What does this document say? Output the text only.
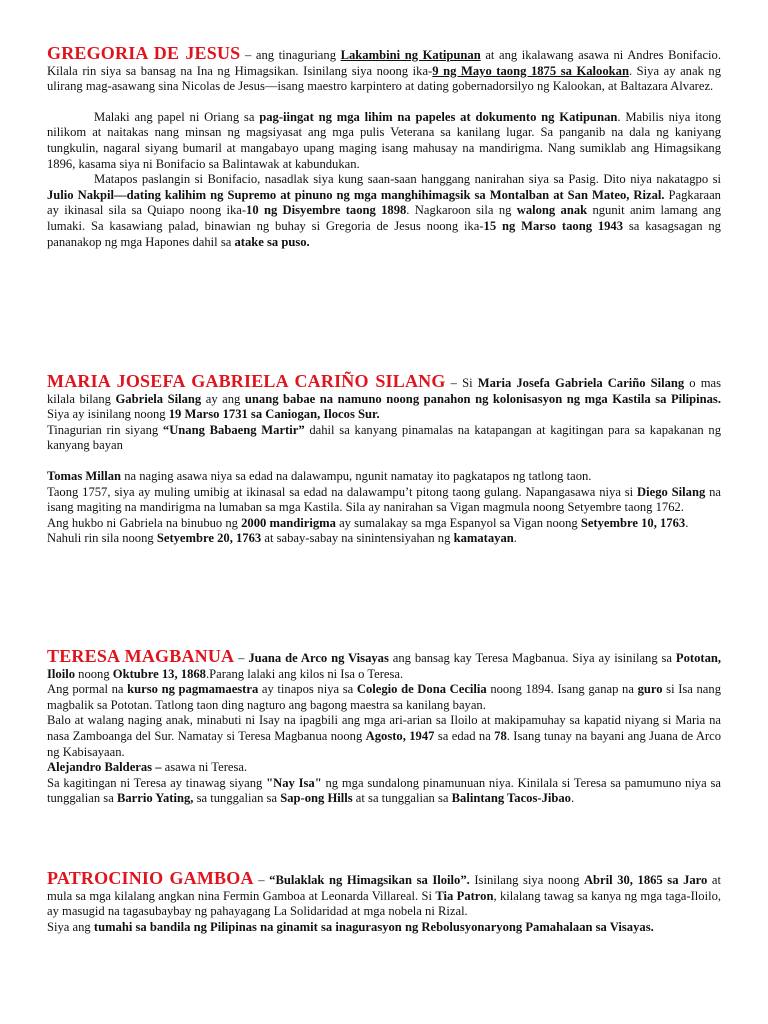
GREGORIA DE JESUS – ang tinaguriang Lakambini ng Katipunan at ang ikalawang asawa ni Andres Bonifacio. Kilala rin siya sa bansag na Ina ng Himagsikan. Isinilang siya noong ika-9 ng Mayo taong 1875 sa Kalookan. Siya ay anak ng ulirang mag-asawang sina Nicolas de Jesus—isang maestro karpintero at dating gobernadorsilyo ng Kalookan, at Baltazara Alvarez.

Malaki ang papel ni Oriang sa pag-iingat ng mga lihim na papeles at dokumento ng Katipunan. Mabilis niya itong nilikom at naitakas nang minsan ng magsiyasat ang mga pulis Veterana sa kanilang lugar. Sa panganib na dala ng kaniyang tungkulin, nagaral siyang bumaril at mangabayo upang maging isang mahusay na mandirigma. Nang sumiklab ang Himagsikang 1896, kasama siya ni Bonifacio sa Balintawak at kabundukan.

Matapos paslangin si Bonifacio, nasadlak siya kung saan-saan hanggang nanirahan siya sa Pasig. Dito niya nakatagpo si Julio Nakpil—dating kalihim ng Supremo at pinuno ng mga manghihimagsik sa Montalban at San Mateo, Rizal. Pagkaraan ay ikinasal sila sa Quiapo noong ika-10 ng Disyembre taong 1898. Nagkaroon sila ng walong anak ngunit anim lamang ang lumaki. Sa kasawiang palad, binawian ng buhay si Gregoria de Jesus noong ika-15 ng Marso taong 1943 sa kasagsagan ng pananakop ng mga Hapones dahil sa atake sa puso.

MARIA JOSEFA GABRIELA CARIÑO SILANG – Si Maria Josefa Gabriela Cariño Silang o mas kilala bilang Gabriela Silang ay ang unang babae na namuno noong panahon ng kolonisasyon ng mga Kastila sa Pilipinas. Siya ay isinilang noong 19 Marso 1731 sa Caniogan, Ilocos Sur.

Tinagurian rin siyang “Unang Babaeng Martir” dahil sa kanyang pinamalas na katapangan at kagitingan para sa kapakanan ng kanyang bayan

Tomas Millan na naging asawa niya sa edad na dalawampu, ngunit namatay ito pagkatapos ng tatlong taon.

Taong 1757, siya ay muling umibig at ikinasal sa edad na dalawampu’t pitong taong gulang. Napangasawa niya si Diego Silang na isang magiting na mandirigma na lumaban sa mga Kastila. Sila ay nanirahan sa Vigan magmula noong Setyembre taong 1762.

Ang hukbo ni Gabriela na binubuo ng 2000 mandirigma ay sumalakay sa mga Espanyol sa Vigan noong Setyembre 10, 1763.

Nahuli rin sila noong Setyembre 20, 1763 at sabay-sabay na sinintensiyahan ng kamatayan.

TERESA MAGBANUA – Juana de Arco ng Visayas ang bansag kay Teresa Magbanua. Siya ay isinilang sa Pototan, Iloilo noong Oktubre 13, 1868.Parang lalaki ang kilos ni Isa o Teresa.

Ang pormal na kurso ng pagmamaestra ay tinapos niya sa Colegio de Dona Cecilia noong 1894. Isang ganap na guro si Isa nang magbalik sa Pototan. Tatlong taon ding nagturo ang bagong maestra sa kanilang bayan.

Balo at walang naging anak, minabuti ni Isay na ipagbili ang mga ari-arian sa Iloilo at makipamuhay sa kapatid niyang si Maria na nasa Zamboanga del Sur. Namatay si Teresa Magbanua noong Agosto, 1947 sa edad na 78. Isang tunay na bayani ang Juana de Arco ng Kabisayaan.

Alejandro Balderas – asawa ni Teresa.

Sa kagitingan ni Teresa ay tinawag siyang "Nay Isa" ng mga sundalong pinamunuan niya. Kinilala si Teresa sa pamumuno niya sa tunggalian sa Barrio Yating, sa tunggalian sa Sap-ong Hills at sa tunggalian sa Balintang Tacos-Jibao.

PATROCINIO GAMBOA – “Bulaklak ng Himagsikan sa Iloilo”. Isinilang siya noong Abril 30, 1865 sa Jaro at mula sa mga kilalang angkan nina Fermin Gamboa at Leonarda Villareal. Si Tia Patron, kilalang tawag sa kanya ng mga taga-Iloilo, ay masugid na tagasubaybay ng pahayagang La Solidaridad at mga nobela ni Rizal.

Siya ang tumahi sa bandila ng Pilipinas na ginamit sa inagurasyon ng Rebolusyonaryong Pamahalaan sa Visayas.
